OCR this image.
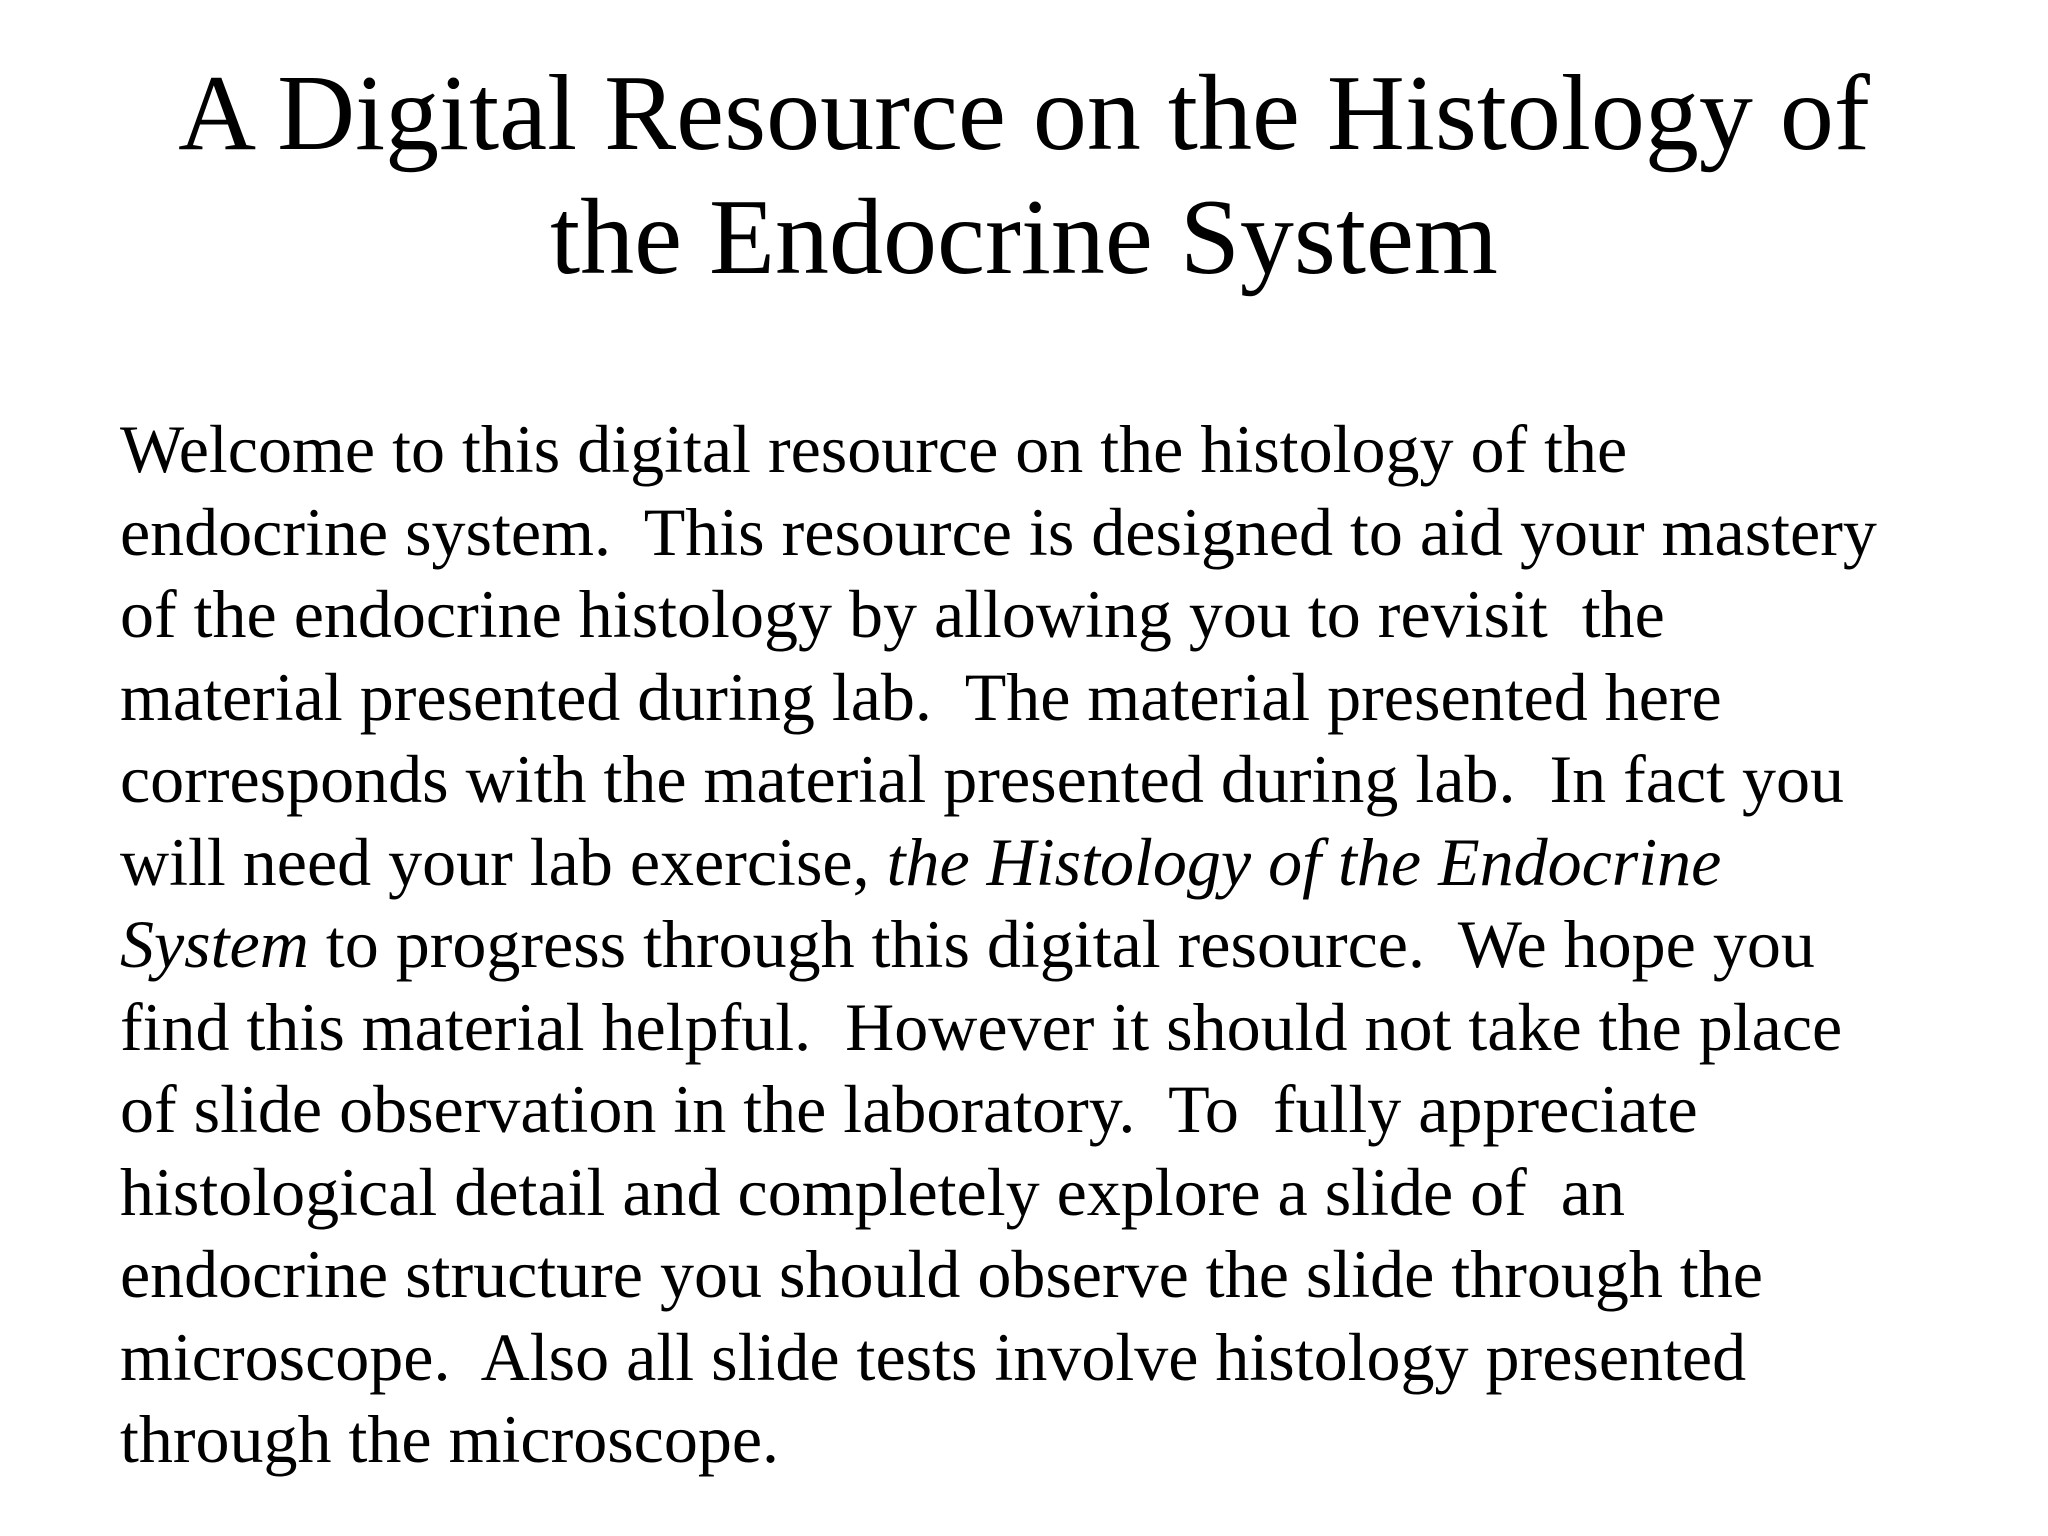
A Digital Resource on the Histology of
the Endocrine System

Welcome to this digital resource on the histology of the
endocrine system.  This resource is designed to aid your mastery
of the endocrine histology by allowing you to revisit  the
material presented during lab.  The material presented here
corresponds with the material presented during lab.  In fact you
will need your lab exercise, the Histology of the Endocrine
System to progress through this digital resource.  We hope you
find this material helpful.  However it should not take the place
of slide observation in the laboratory.  To  fully appreciate
histological detail and completely explore a slide of  an
endocrine structure you should observe the slide through the
microscope.  Also all slide tests involve histology presented
through the microscope.
